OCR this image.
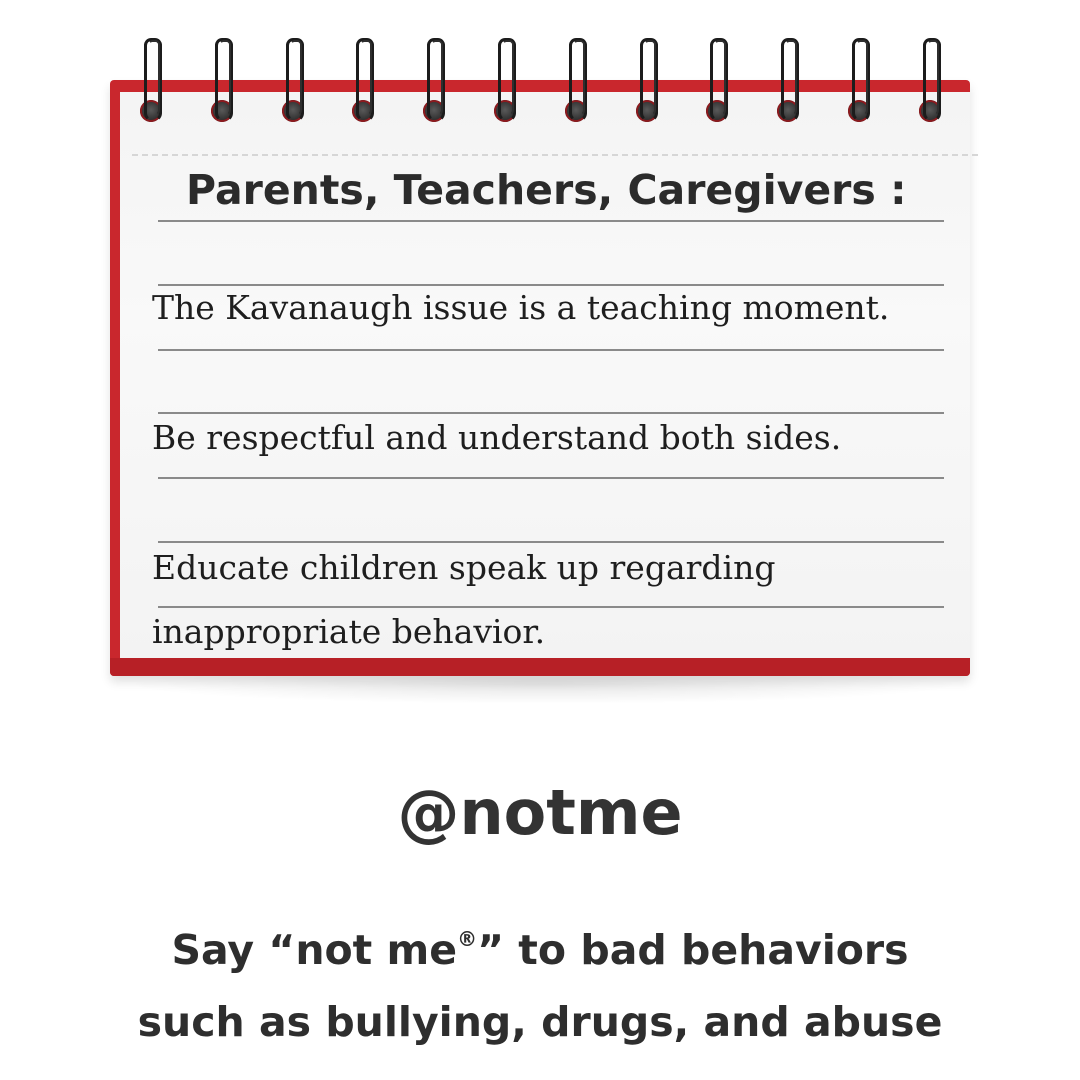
Parents, Teachers, Caregivers :
The Kavanaugh issue is a teaching moment.
Be respectful and understand both sides.
Educate children speak up regarding
inappropriate behavior.
@notme
Say “not me®” to bad behaviors
such as bullying, drugs, and abuse
